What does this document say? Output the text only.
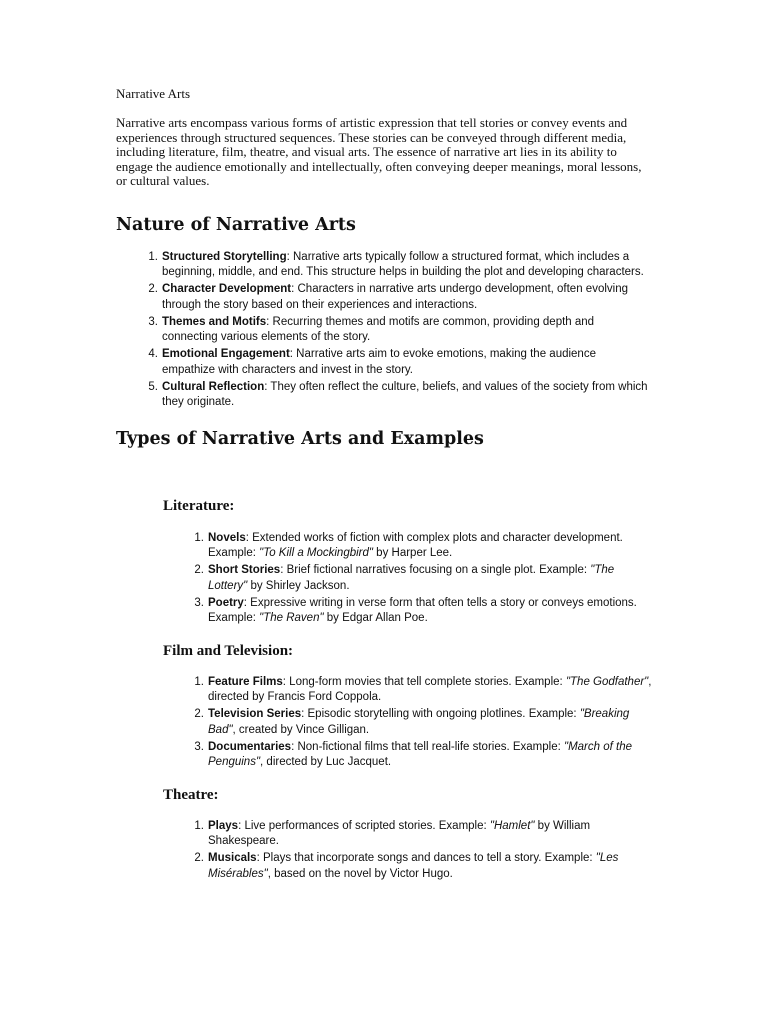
Narrative Arts

Narrative arts encompass various forms of artistic expression that tell stories or convey events and experiences through structured sequences. These stories can be conveyed through different media, including literature, film, theatre, and visual arts. The essence of narrative art lies in its ability to engage the audience emotionally and intellectually, often conveying deeper meanings, moral lessons, or cultural values.

Nature of Narrative Arts
1. Structured Storytelling: Narrative arts typically follow a structured format, which includes a beginning, middle, and end. This structure helps in building the plot and developing characters.
2. Character Development: Characters in narrative arts undergo development, often evolving through the story based on their experiences and interactions.
3. Themes and Motifs: Recurring themes and motifs are common, providing depth and connecting various elements of the story.
4. Emotional Engagement: Narrative arts aim to evoke emotions, making the audience empathize with characters and invest in the story.
5. Cultural Reflection: They often reflect the culture, beliefs, and values of the society from which they originate.
Types of Narrative Arts and Examples
Literature:
1. Novels: Extended works of fiction with complex plots and character development. Example: "To Kill a Mockingbird" by Harper Lee.
2. Short Stories: Brief fictional narratives focusing on a single plot. Example: "The Lottery" by Shirley Jackson.
3. Poetry: Expressive writing in verse form that often tells a story or conveys emotions. Example: "The Raven" by Edgar Allan Poe.
Film and Television:
1. Feature Films: Long-form movies that tell complete stories. Example: "The Godfather", directed by Francis Ford Coppola.
2. Television Series: Episodic storytelling with ongoing plotlines. Example: "Breaking Bad", created by Vince Gilligan.
3. Documentaries: Non-fictional films that tell real-life stories. Example: "March of the Penguins", directed by Luc Jacquet.
Theatre:
1. Plays: Live performances of scripted stories. Example: "Hamlet" by William Shakespeare.
2. Musicals: Plays that incorporate songs and dances to tell a story. Example: "Les Misérables", based on the novel by Victor Hugo.
